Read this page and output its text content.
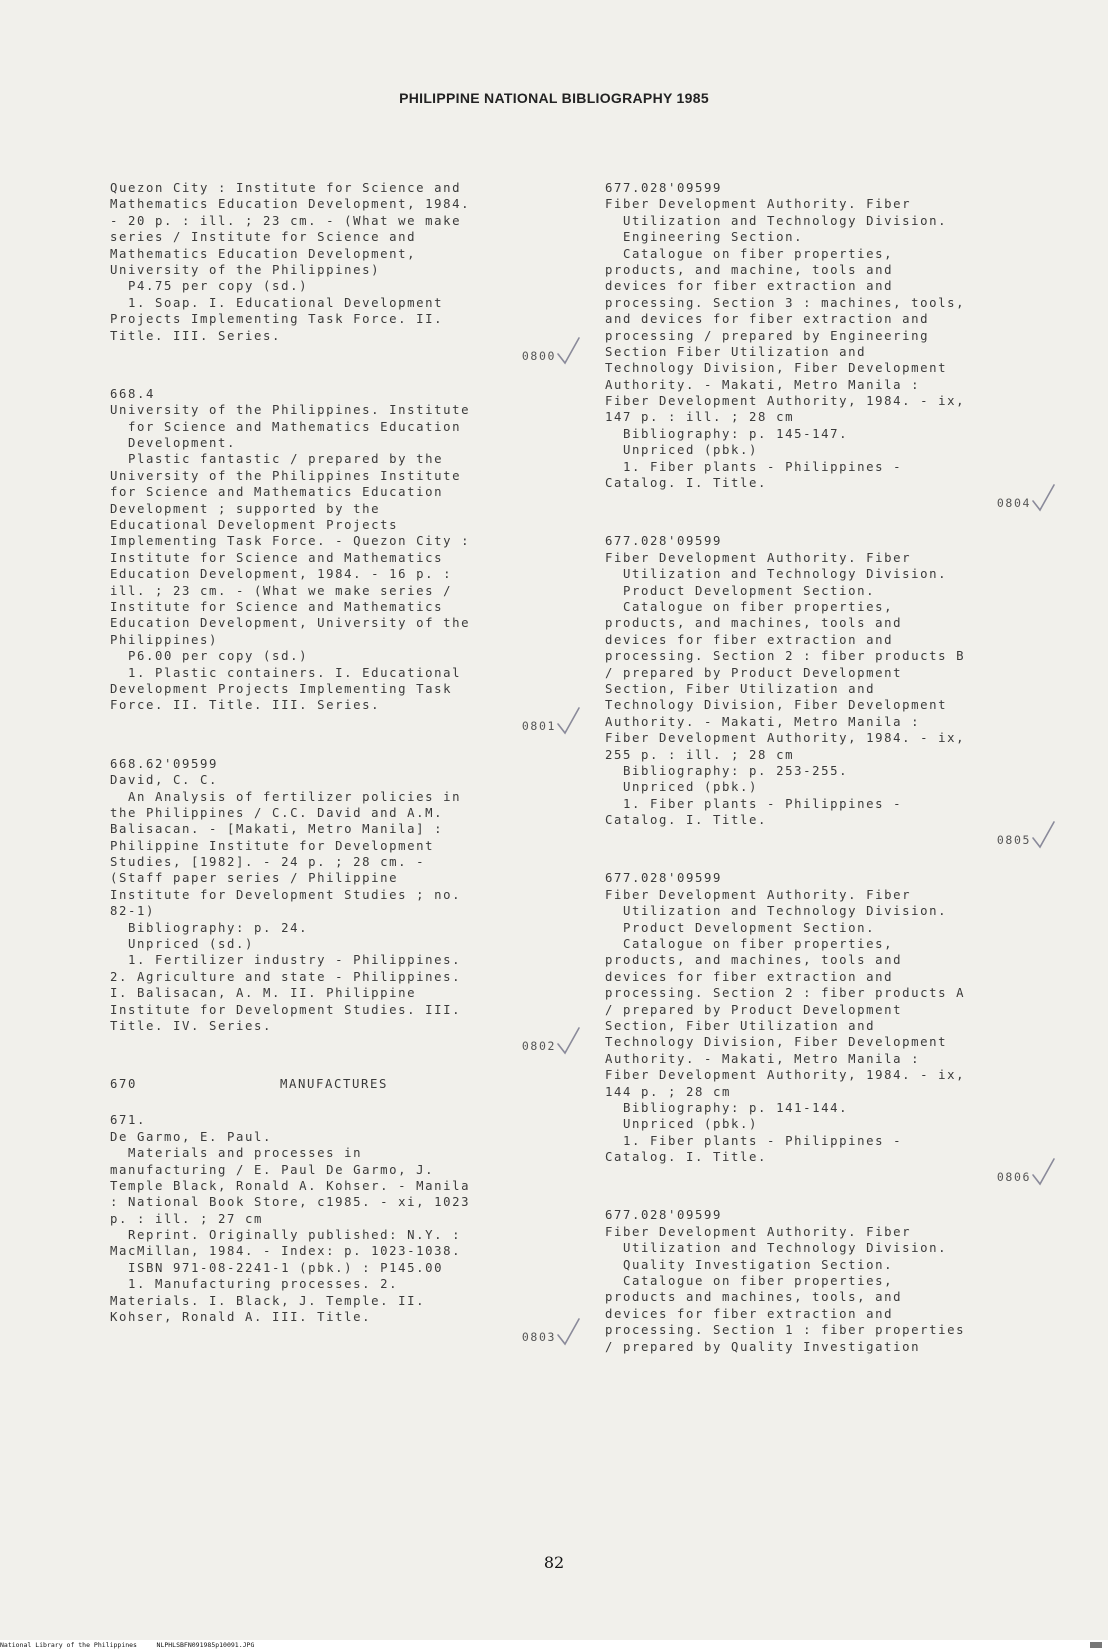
PHILIPPINE NATIONAL BIBLIOGRAPHY 1985
Quezon City : Institute for Science and
Mathematics Education Development, 1984.
- 20 p. : ill. ; 23 cm. - (What we make
series / Institute for Science and
Mathematics Education Development,
University of the Philippines)
P4.75 per copy (sd.)
1. Soap. I. Educational Development
Projects Implementing Task Force. II.
Title. III. Series.
0800
668.4
University of the Philippines. Institute
for Science and Mathematics Education
Development.
Plastic fantastic / prepared by the
University of the Philippines Institute
for Science and Mathematics Education
Development ; supported by the
Educational Development Projects
Implementing Task Force. - Quezon City :
Institute for Science and Mathematics
Education Development, 1984. - 16 p. :
ill. ; 23 cm. - (What we make series /
Institute for Science and Mathematics
Education Development, University of the
Philippines)
P6.00 per copy (sd.)
1. Plastic containers. I. Educational
Development Projects Implementing Task
Force. II. Title. III. Series.
0801
668.62'09599
David, C. C.
An Analysis of fertilizer policies in
the Philippines / C.C. David and A.M.
Balisacan. - [Makati, Metro Manila] :
Philippine Institute for Development
Studies, [1982]. - 24 p. ; 28 cm. -
(Staff paper series / Philippine
Institute for Development Studies ; no.
82-1)
Bibliography: p. 24.
Unpriced (sd.)
1. Fertilizer industry - Philippines.
2. Agriculture and state - Philippines.
I. Balisacan, A. M. II. Philippine
Institute for Development Studies. III.
Title. IV. Series.
0802
670	MANUFACTURES
671.
De Garmo, E. Paul.
Materials and processes in
manufacturing / E. Paul De Garmo, J.
Temple Black, Ronald A. Kohser. - Manila
: National Book Store, c1985. - xi, 1023
p. : ill. ; 27 cm
Reprint. Originally published: N.Y. :
MacMillan, 1984. - Index: p. 1023-1038.
ISBN 971-08-2241-1 (pbk.) : P145.00
1. Manufacturing processes. 2.
Materials. I. Black, J. Temple. II.
Kohser, Ronald A. III. Title.
0803
677.028'09599
Fiber Development Authority. Fiber
Utilization and Technology Division.
Engineering Section.
Catalogue on fiber properties,
products, and machine, tools and
devices for fiber extraction and
processing. Section 3 : machines, tools,
and devices for fiber extraction and
processing / prepared by Engineering
Section Fiber Utilization and
Technology Division, Fiber Development
Authority. - Makati, Metro Manila :
Fiber Development Authority, 1984. - ix,
147 p. : ill. ; 28 cm
Bibliography: p. 145-147.
Unpriced (pbk.)
1. Fiber plants - Philippines -
Catalog. I. Title.
0804
677.028'09599
Fiber Development Authority. Fiber
Utilization and Technology Division.
Product Development Section.
Catalogue on fiber properties,
products, and machines, tools and
devices for fiber extraction and
processing. Section 2 : fiber products B
/ prepared by Product Development
Section, Fiber Utilization and
Technology Division, Fiber Development
Authority. - Makati, Metro Manila :
Fiber Development Authority, 1984. - ix,
255 p. : ill. ; 28 cm
Bibliography: p. 253-255.
Unpriced (pbk.)
1. Fiber plants - Philippines -
Catalog. I. Title.
0805
677.028'09599
Fiber Development Authority. Fiber
Utilization and Technology Division.
Product Development Section.
Catalogue on fiber properties,
products, and machines, tools and
devices for fiber extraction and
processing. Section 2 : fiber products A
/ prepared by Product Development
Section, Fiber Utilization and
Technology Division, Fiber Development
Authority. - Makati, Metro Manila :
Fiber Development Authority, 1984. - ix,
144 p. ; 28 cm
Bibliography: p. 141-144.
Unpriced (pbk.)
1. Fiber plants - Philippines -
Catalog. I. Title.
0806
677.028'09599
Fiber Development Authority. Fiber
Utilization and Technology Division.
Quality Investigation Section.
Catalogue on fiber properties,
products and machines, tools, and
devices for fiber extraction and
processing. Section 1 : fiber properties
/ prepared by Quality Investigation
82
National Library of the Philippines     NLPHLSBFN091985p10091.JPG
